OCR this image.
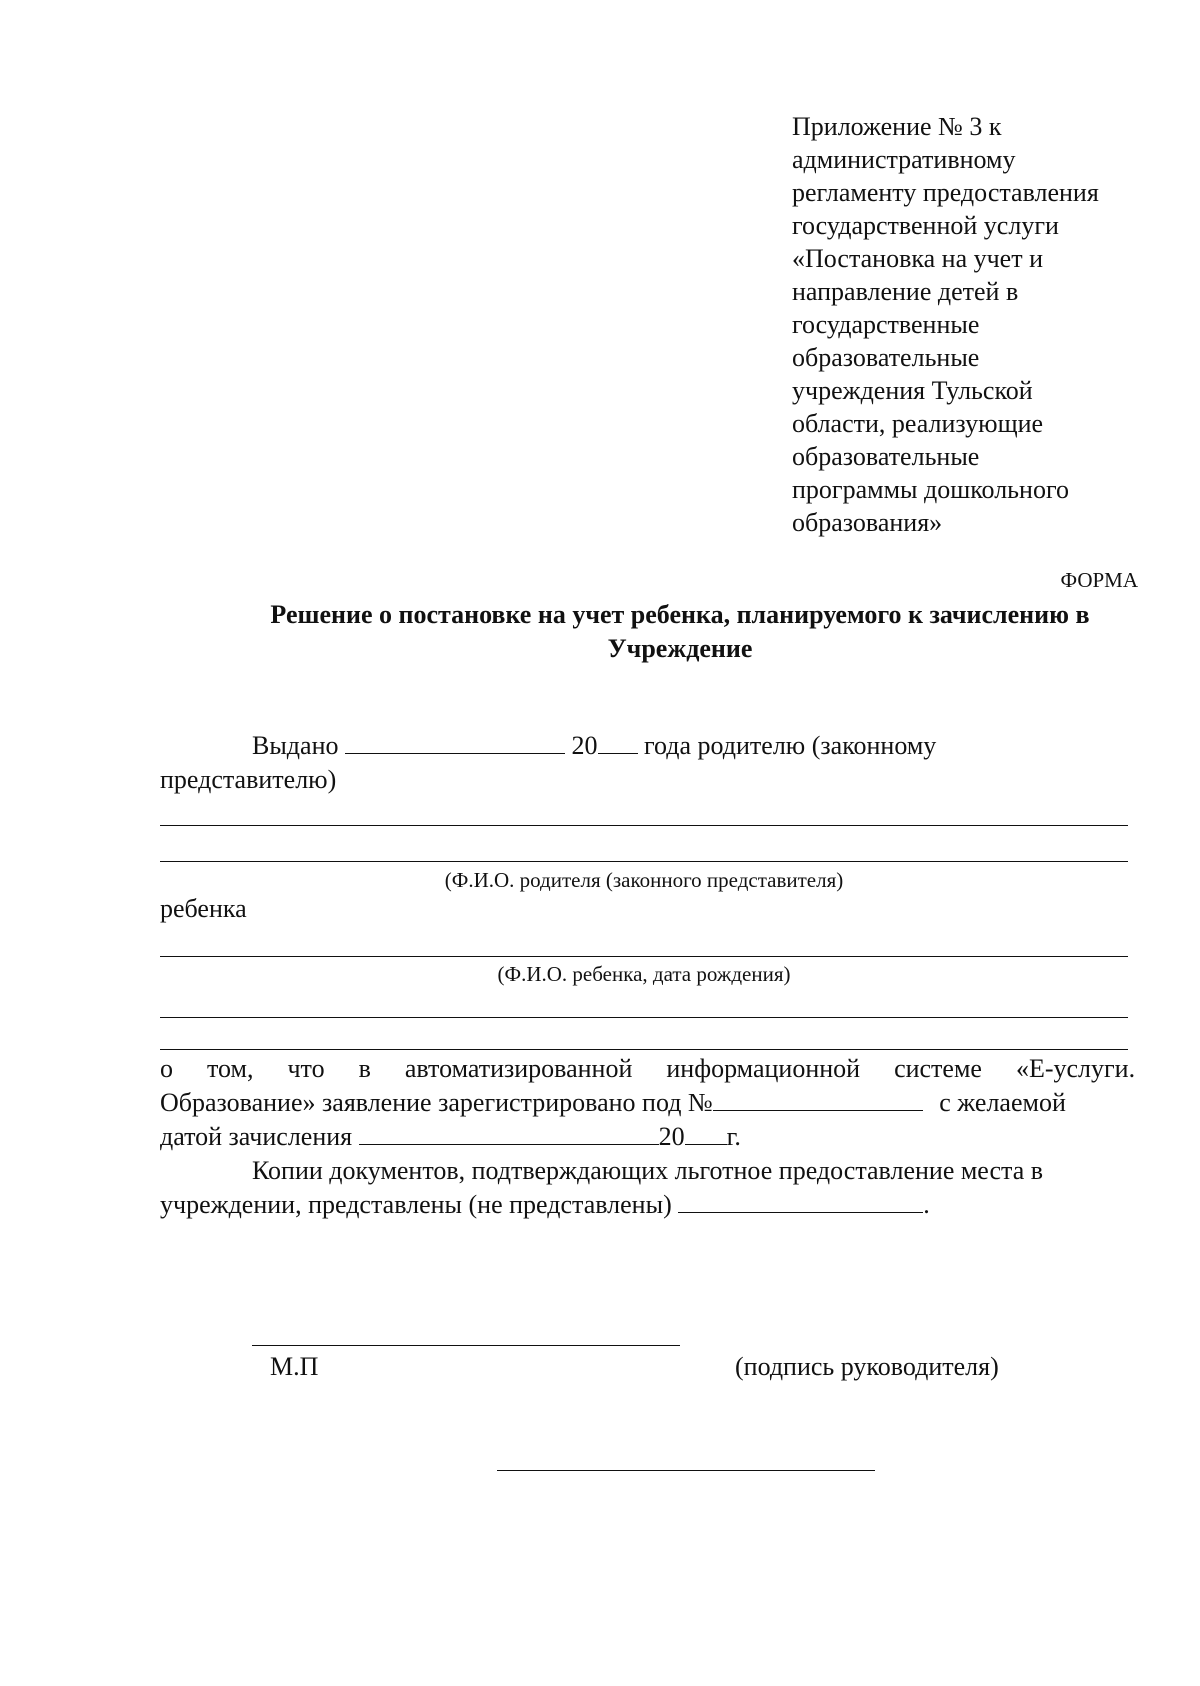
Приложение № 3 к
административному
регламенту предоставления
государственной услуги
«Постановка на учет и
направление детей в
государственные
образовательные
учреждения Тульской
области, реализующие
образовательные
программы дошкольного
образования»
ФОРМА
Решение о постановке на учет ребенка, планируемого к зачислению в
Учреждение
Выдано	20 года родителю (законному
представителю)
(Ф.И.О. родителя (законного представителя)
ребенка
(Ф.И.О. ребенка, дата рождения)
о том, что в автоматизированной информационной системе «Е-услуги.
Образование» заявление зарегистрировано под №	с желаемой
датой зачисления	20 г.
Копии документов, подтверждающих льготное предоставление места в
учреждении, представлены (не представлены)	.
М.П	(подпись руководителя)
